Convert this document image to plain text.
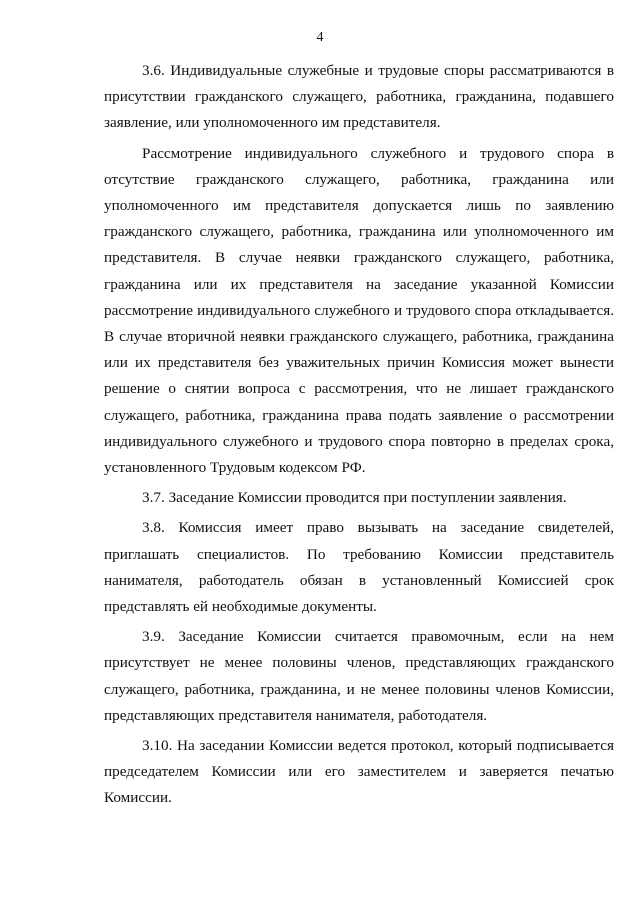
4

3.6. Индивидуальные служебные и трудовые споры рассматриваются в присутствии гражданского служащего, работника, гражданина, подавшего заявление, или уполномоченного им представителя.

Рассмотрение индивидуального служебного и трудового спора в отсутствие гражданского служащего, работника, гражданина или уполномоченного им представителя допускается лишь по заявлению гражданского служащего, работника, гражданина или уполномоченного им представителя. В случае неявки гражданского служащего, работника, гражданина или их представителя на заседание указанной Комиссии рассмотрение индивидуального служебного и трудового спора откладывается. В случае вторичной неявки гражданского служащего, работника, гражданина или их представителя без уважительных причин Комиссия может вынести решение о снятии вопроса с рассмотрения, что не лишает гражданского служащего, работника, гражданина права подать заявление о рассмотрении индивидуального служебного и трудового спора повторно в пределах срока, установленного Трудовым кодексом РФ.

3.7. Заседание Комиссии проводится при поступлении заявления.

3.8. Комиссия имеет право вызывать на заседание свидетелей, приглашать специалистов. По требованию Комиссии представитель нанимателя, работодатель обязан в установленный Комиссией срок представлять ей необходимые документы.

3.9. Заседание Комиссии считается правомочным, если на нем присутствует не менее половины членов, представляющих гражданского служащего, работника, гражданина, и не менее половины членов Комиссии, представляющих представителя нанимателя, работодателя.

3.10. На заседании Комиссии ведется протокол, который подписывается председателем Комиссии или его заместителем и заверяется печатью Комиссии.
